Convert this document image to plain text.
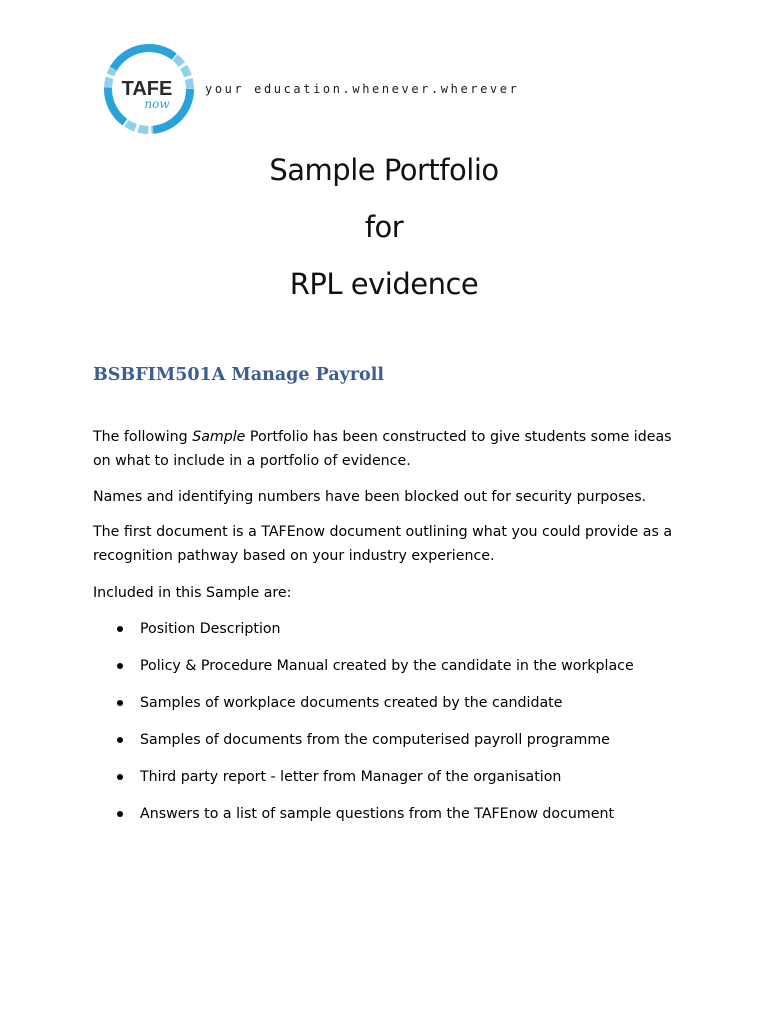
TAFE
now
your education.whenever.wherever
Sample Portfolio
for
RPL evidence
BSBFIM501A Manage Payroll
The following Sample Portfolio has been constructed to give students some ideas on what to include in a portfolio of evidence.
Names and identifying numbers have been blocked out for security purposes.
The first document is a TAFEnow document outlining what you could provide as a recognition pathway based on your industry experience.
Included in this Sample are:
Position Description
Policy & Procedure Manual created by the candidate in the workplace
Samples of workplace documents created by the candidate
Samples of documents from the computerised payroll programme
Third party report - letter from Manager of the organisation
Answers to a list of sample questions from the TAFEnow document
